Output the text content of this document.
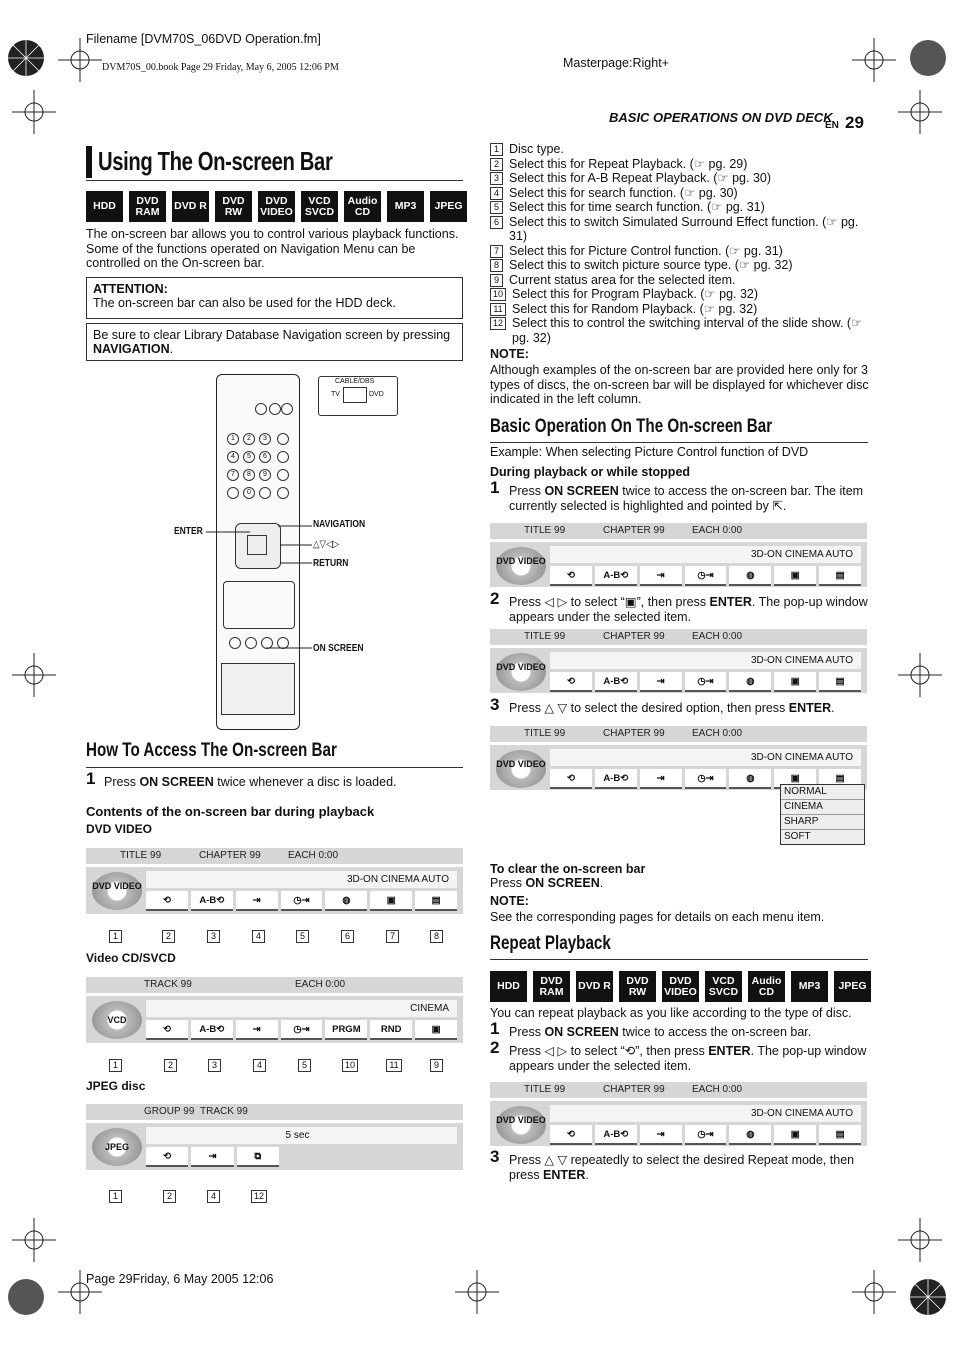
Filename [DVM70S_06DVD Operation.fm]
DVM70S_00.book Page 29 Friday, May 6, 2005 12:06 PM	Masterpage:Right+
BASIC OPERATIONS ON DVD DECK
EN 29
Using The On-screen Bar
HDD	DVD RAM	DVD R	DVD RW
DVD VIDEO
VCD SVCD
Audio CD	MP3	JPEG
The on-screen bar allows you to control various playback functions. Some of the functions operated on Navigation Menu can be controlled on the On-screen bar.
ATTENTION:
The on-screen bar can also be used for the HDD deck.
Be sure to clear Library Database Navigation screen by pressing NAVIGATION.
1	2	3
4	5	6
7	8	9
0
CABLE/DBS
TV	DVD
ENTER
NAVIGATION
△▽◁▷
RETURN
ON SCREEN
How To Access The On-screen Bar
1 Press ON SCREEN twice whenever a disc is loaded.
Contents of the on-screen bar during playback
DVD VIDEO
TITLE 99	CHAPTER 99	EACH 0:00
DVD VIDEO
3D-ON CINEMA AUTO
⟲	A-B⟲	⇥	◷⇥	◍	▣	▤
1	2	3	4	5	6	7	8
Video CD/SVCD
TRACK 99	EACH 0:00
VCD
CINEMA
⟲	A-B⟲	⇥	◷⇥	PRGM	RND	▣
1	2	3	4	5	10	11	9
JPEG disc
GROUP 99 TRACK 99
JPEG
5 sec
⟲	⇥	⧉
1	2	4	12
1 Disc type.
2 Select this for Repeat Playback. (☞ pg. 29)
3 Select this for A-B Repeat Playback. (☞ pg. 30)
4 Select this for search function. (☞ pg. 30)
5 Select this for time search function. (☞ pg. 31)
6 Select this to switch Simulated Surround Effect function. (☞ pg. 31)
7 Select this for Picture Control function. (☞ pg. 31)
8 Select this to switch picture source type. (☞ pg. 32)
9 Current status area for the selected item.
10 Select this for Program Playback. (☞ pg. 32)
11 Select this for Random Playback. (☞ pg. 32)
12 Select this to control the switching interval of the slide show. (☞ pg. 32)
NOTE:
Although examples of the on-screen bar are provided here only for 3 types of discs, the on-screen bar will be displayed for whichever disc indicated in the left column.
Basic Operation On The On-screen Bar
Example: When selecting Picture Control function of DVD
During playback or while stopped
1 Press ON SCREEN twice to access the on-screen bar. The item currently selected is highlighted and pointed by ⇱.
TITLE 99	CHAPTER 99	EACH 0:00
DVD VIDEO
3D-ON CINEMA AUTO
⟲	A-B⟲	⇥	◷⇥	◍	▣	▤
2 Press ◁ ▷ to select “▣”, then press ENTER. The pop-up window appears under the selected item.
TITLE 99	CHAPTER 99	EACH 0:00
DVD VIDEO
3D-ON CINEMA AUTO
⟲	A-B⟲	⇥	◷⇥	◍	▣	▤
3 Press △ ▽ to select the desired option, then press ENTER.
TITLE 99	CHAPTER 99	EACH 0:00
DVD VIDEO
3D-ON CINEMA AUTO
⟲	A-B⟲	⇥	◷⇥	◍	▣	▤
NORMAL
CINEMA
SHARP
SOFT
To clear the on-screen bar
Press ON SCREEN.
NOTE:
See the corresponding pages for details on each menu item.
Repeat Playback
HDD	DVD RAM	DVD R	DVD RW
DVD VIDEO
VCD SVCD
Audio CD	MP3	JPEG
You can repeat playback as you like according to the type of disc.
1 Press ON SCREEN twice to access the on-screen bar.
2 Press ◁ ▷ to select “⟲”, then press ENTER. The pop-up window appears under the selected item.
TITLE 99	CHAPTER 99	EACH 0:00
DVD VIDEO
3D-ON CINEMA AUTO
⟲	A-B⟲	⇥	◷⇥	◍	▣	▤
3 Press △ ▽ repeatedly to select the desired Repeat mode, then press ENTER.
Page 29Friday, 6 May 2005 12:06
